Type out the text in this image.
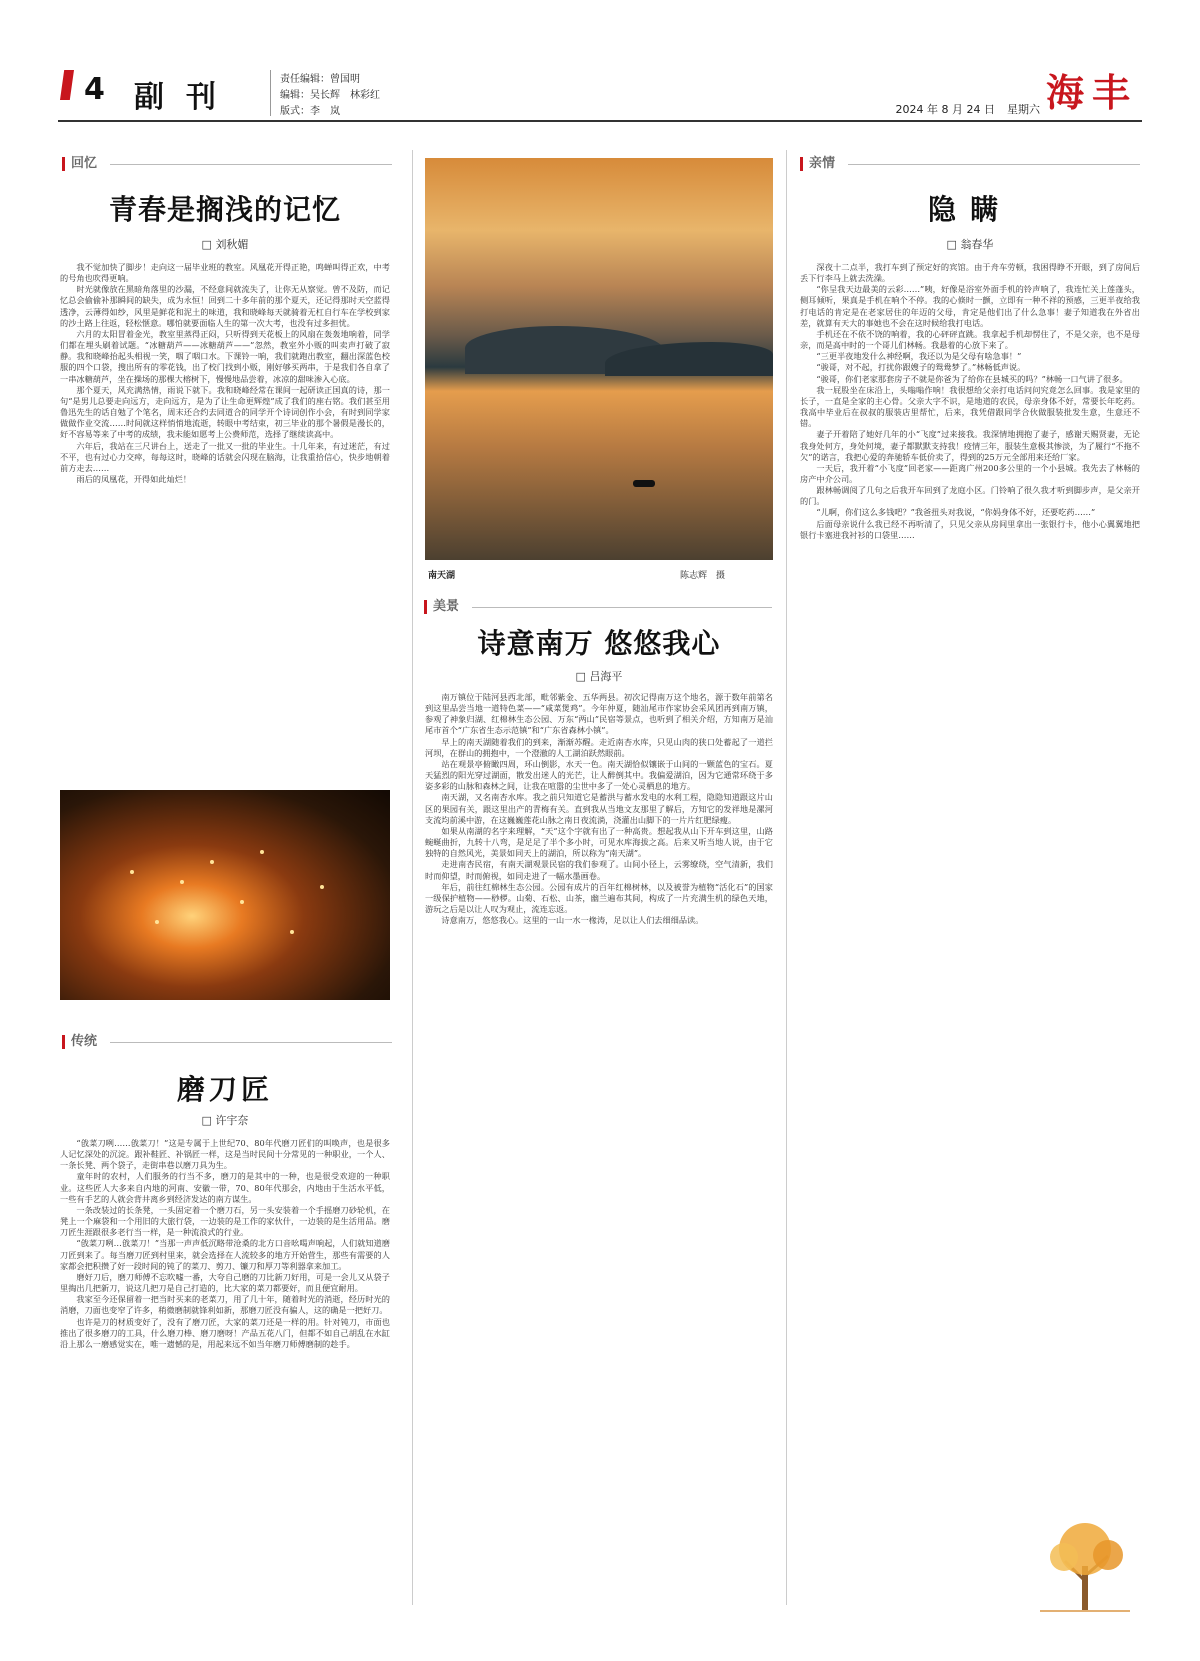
4 副刊
责任编辑：曾国明
编辑：吴长辉　林彩红
版式：李　岚	2024 年 8 月 24 日 星期六 海丰
回忆
青春是搁浅的记忆
□ 刘秋媚

我不觉加快了脚步！走向这一届毕业班的教室。风凰花开得正艳，鸣蝉叫得正欢，中考的号角也吹得更响。

时光就像放在黑暗角落里的沙漏，不经意间就流失了，让你无从察觉。曾不及防，而记忆总会偷偷补那瞬间的缺失，成为永恒！回到二十多年前的那个夏天，还记得那时天空蓝得透净，云薄得如纱，风里是鲜花和泥土的味道，我和晓峰每天就骑着无杠自行车在学校到家的沙土路上往返，轻松惬意。哪怕就要面临人生的第一次大考，也没有过多担忧。

六月的太阳冒着金光，教室里蒸得正闷，只听得到天花板上的风扇在轰轰地响着，同学们都在埋头刷着试题。“冰糖葫芦——冰糖葫芦——”忽然，教室外小贩的叫卖声打破了寂静。我和晓峰抬起头相视一笑，咽了咽口水。下课铃一响，我们就跑出教室，翻出深蓝色校服的四个口袋，搜出所有的零花钱，出了校门找到小贩，刚好够买两串，于是我们各自拿了一串冰糖葫芦，坐在操场的那棵大榕树下，慢慢地品尝着，冰凉的甜味渗入心底。

那个夏天，风充满热情，雨说下就下。我和晓峰经常在课间一起研读正国真的诗，那一句“是男儿总要走向远方，走向远方，是为了让生命更辉煌”成了我们的座右铭。我们甚至用鲁迅先生的话自勉了个笔名，周末还合约去同道合的同学开个诗词创作小会，有时到同学家做做作业交流……时间就这样悄悄地流逝，转眼中考结束，初三毕业的那个暑假是漫长的，好不容易等来了中考的成绩，我未能如愿考上公费师范，选择了继续读高中。

六年后，我站在三尺讲台上，送走了一批又一批的毕业生。十几年来，有过迷茫，有过不平，也有过心力交瘁，每每这时，晓峰的话就会闪现在脑海，让我重拾信心，快步地朝着前方走去……

雨后的凤凰花，开得如此灿烂！

传统
磨刀匠
□ 许宇奈

“戗菜刀咧……戗菜刀！”这是专属于上世纪70、80年代磨刀匠们的叫唤声，也是很多人记忆深处的沉淀。跟补鞋匠、补锅匠一样，这是当时民间十分常见的一种职业，一个人、一条长凳、两个袋子，走街串巷以磨刀具为生。

童年时的农村，人们服务的行当不多，磨刀的是其中的一种，也是很受欢迎的一种职业。这些匠人大多来自内地的河南、安徽一带，70、80年代那会，内地由于生活水平低，一些有手艺的人就会背井离乡到经济发达的南方谋生。

一条改装过的长条凳，一头固定着一个磨刀石，另一头安装着一个手摇磨刀砂轮机，在凳上一个麻袋和一个用旧的大旅行袋，一边装的是工作的家伙什，一边装的是生活用品。磨刀匠生涯跟很多老行当一样，是一种流浪式的行业。

“戗菜刀咧…戗菜刀！”当那一声声低沉略带沧桑的北方口音吆喝声响起，人们就知道磨刀匠到来了。每当磨刀匠到村里来，就会选择在人流较多的地方开始营生，那些有需要的人家都会把积攒了好一段时间的钝了的菜刀、剪刀、镰刀和厚刀等利器拿来加工。

磨好刀后，磨刀师傅不忘吹嘘一番，大夸自己磨的刀比新刀好用，可是一会儿又从袋子里掏出几把新刀，说这几把刀是自己打造的，比大家的菜刀都要好，而且便宜耐用。

我家至今还保留着一把当时买来的老菜刀，用了几十年，随着时光的消逝，经历时光的消磨，刀面也变窄了许多，稍微磨制就锋利如新，那磨刀匠没有骗人，这的确是一把好刀。

也许是刀的材质变好了，没有了磨刀匠，大家的菜刀还是一样的用。针对钝刀，市面也推出了很多磨刀的工具，什么磨刀棒、磨刀磨呀！产品五花八门，但都不如自己胡乱在水缸沿上那么一磨感觉实在，唯一遗憾的是，用起来远不如当年磨刀师傅磨制的趁手。

南天湖	陈志辉　摄
美景
诗意南万 悠悠我心
□ 吕海平

南万镇位于陆河县西北部，毗邻紫金、五华两县。初次记得南万这个地名，源于数年前第名到这里品尝当地一道特色菜——“咸菜煲鸡”。今年仲夏，随汕尾市作家协会采风团再到南万镇，参观了神象归湖、红棉林生态公园、万东“两山”民宿等景点，也听到了相关介绍，方知南万是汕尾市首个“广东省生态示范镇”和“广东省森林小镇”。

早上的南天湖随着我们的到来，渐渐苏醒。走近南杏水库，只见山肉的狭口处蓄起了一道拦河坝，在群山的拥抱中，一个澄澈的人工湖泊跃然眼前。

站在观景亭俯瞰四周，环山倒影，水天一色。南天湖恰似镶嵌于山间的一颗蓝色的宝石。夏天猛烈的阳光穿过湖面，散发出迷人的光芒，让人醉倒其中。我偏爱湖泊，因为它通常环绕于多姿多彩的山脉和森林之间，让我在喧嚣的尘世中多了一处心灵栖息的地方。

南天湖，又名南杏水库。我之前只知道它是蓄洪与蓄水发电的水利工程，隐隐知道跟这片山区的果园有关，跟这里出产的青梅有关。直到我从当地文友那里了解后，方知它的发祥地是漯河支流均前溪中游，在这巍巍莲花山脉之南日夜流淌，浇灌出山脚下的一片片红肥绿瘦。

如果从南湖的名字来理解，“天”这个字就有出了一种高贵。想起我从山下开车到这里，山路蜿蜒曲折，九转十八弯，是足足了半个多小时，可见水库海拔之高。后来又听当地人说，由于它独特的自然风光，美景如同天上的湖泊，所以称为“南天湖”。

走进南杏民宿，有南天湖观景民宿的我们参观了。山间小径上，云雾缭绕，空气清新，我们时而仰望，时而俯视，如同走进了一幅水墨画卷。

年后，前往红棉林生态公园。公园有成片的百年红棉树林，以及被誉为植物“活化石”的国家一级保护植物——桫椤。山菊、石松、山茶，幽兰遍布其间，构成了一片充满生机的绿色天地，游玩之后是以让人叹为观止，流连忘返。

诗意南万，悠悠我心。这里的一山一水一椽涛，足以让人们去细细品读。

亲情
隐瞒
□ 翁春华

深夜十二点半，我打车到了预定好的宾馆。由于舟车劳顿，我困得睁不开眼，到了房间后丢下行李马上就去洗澡。

“你呈我天边最美的云彩……”咦，好像是浴室外面手机的铃声响了，我连忙关上莲蓬头，侧耳倾听，果真是手机在响个不停。我的心倏时一颤，立即有一种不祥的预感，三更半夜给我打电话的肯定是在老家居住的年迈的父母，肯定是他们出了什么急事！妻子知道我在外省出差，就算有天大的事她也不会在这时候给我打电话。

手机还在不依不饶的响着，我的心砰砰直跳。我拿起手机却愣住了，不是父亲，也不是母亲，而是高中时的一个哥儿们林畅。我悬着的心放下来了。

“三更半夜地发什么神经啊，我还以为是父母有啥急事！”

“骏哥，对不起，打扰你跟嫂子的鸳鸯梦了。”林畅低声说。

“骏哥，你们老家那套房子不就是你爸为了给你在县城买的吗？”林畅一口气讲了很多。

我一屁股坐在床沿上，头嗡嗡作响！我很想给父亲打电话问问究竟怎么回事。我是家里的长子，一直是全家的主心骨。父亲大字不识，是地道的农民，母亲身体不好，常要长年吃药。我高中毕业后在叔叔的服装店里帮忙，后来，我凭借跟同学合伙做服装批发生意，生意还不错。

妻子开着陪了她好几年的小“飞度”过来接我。我深情地拥抱了妻子，感谢天赐贤妻，无论我身处何方，身处何境，妻子都默默支持我！疫情三年，服装生意极其惨淡，为了履行“不拖不欠”的诺言，我把心爱的奔驰轿车低价卖了，得到的25万元全部用来还给厂家。

一天后，我开着“小飞度”回老家——距离广州200多公里的一个小县城。我先去了林畅的房产中介公司。

跟林畅调阅了几句之后我开车回到了龙庭小区。门铃响了很久我才听到脚步声，是父亲开的门。

“儿啊，你们这么多钱吧？”我爸扭头对我说，“你妈身体不好，还要吃药……”

后面母亲说什么我已经不再听清了，只见父亲从房间里拿出一张银行卡，他小心翼翼地把银行卡塞进我衬衫的口袋里……
